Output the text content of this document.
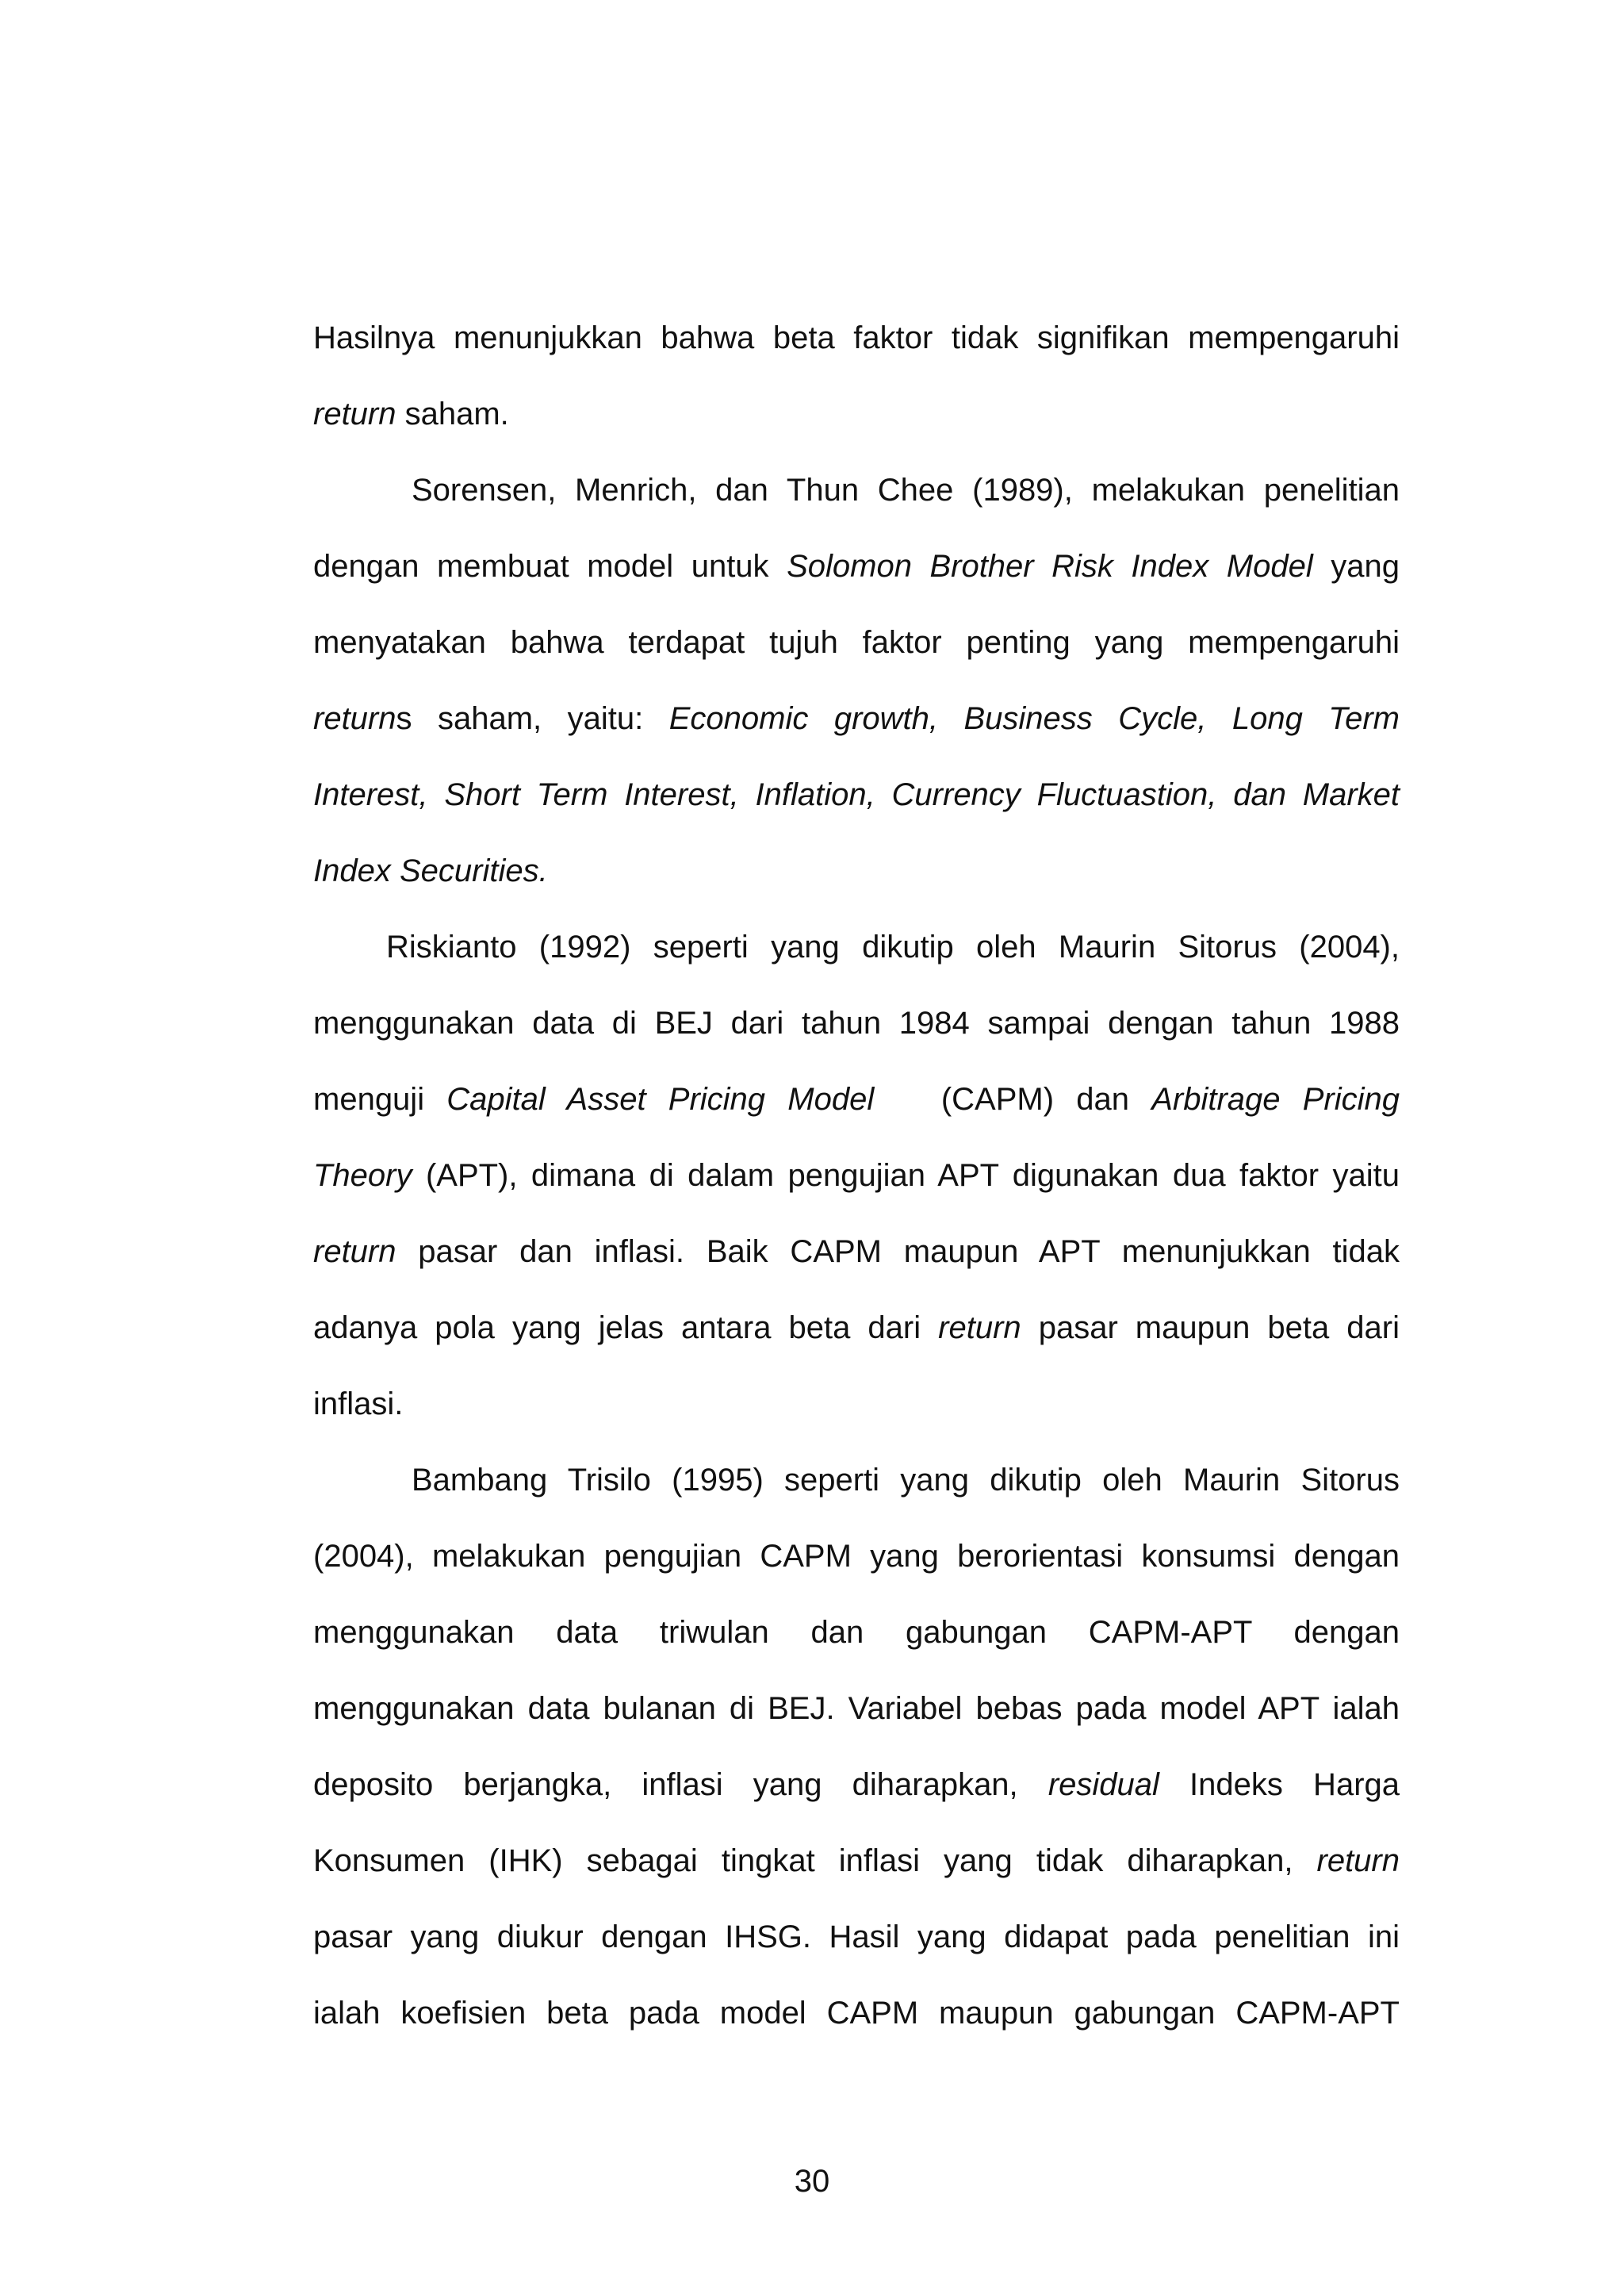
Hasilnya menunjukkan bahwa beta faktor tidak signifikan mempengaruhi
return saham.
Sorensen, Menrich, dan Thun Chee (1989), melakukan penelitian
dengan membuat model untuk Solomon Brother Risk Index Model yang
menyatakan bahwa terdapat tujuh faktor penting yang mempengaruhi
returns saham, yaitu: Economic growth, Business Cycle, Long Term
Interest, Short Term Interest, Inflation, Currency Fluctuastion, dan Market
Index Securities.
Riskianto (1992) seperti yang dikutip oleh Maurin Sitorus (2004),
menggunakan data di BEJ dari tahun 1984 sampai dengan tahun 1988
menguji Capital Asset Pricing Model   (CAPM) dan Arbitrage Pricing
Theory (APT), dimana di dalam pengujian APT digunakan dua faktor yaitu
return pasar dan inflasi. Baik CAPM maupun APT menunjukkan tidak
adanya pola yang jelas antara beta dari return pasar maupun beta dari
inflasi.
Bambang Trisilo (1995) seperti yang dikutip oleh Maurin Sitorus
(2004), melakukan pengujian CAPM yang berorientasi konsumsi dengan
menggunakan data triwulan dan gabungan CAPM-APT dengan
menggunakan data bulanan di BEJ. Variabel bebas pada model APT ialah
deposito berjangka, inflasi yang diharapkan, residual Indeks Harga
Konsumen (IHK) sebagai tingkat inflasi yang tidak diharapkan, return
pasar yang diukur dengan IHSG. Hasil yang didapat pada penelitian ini
ialah koefisien beta pada model CAPM maupun gabungan CAPM-APT
30
